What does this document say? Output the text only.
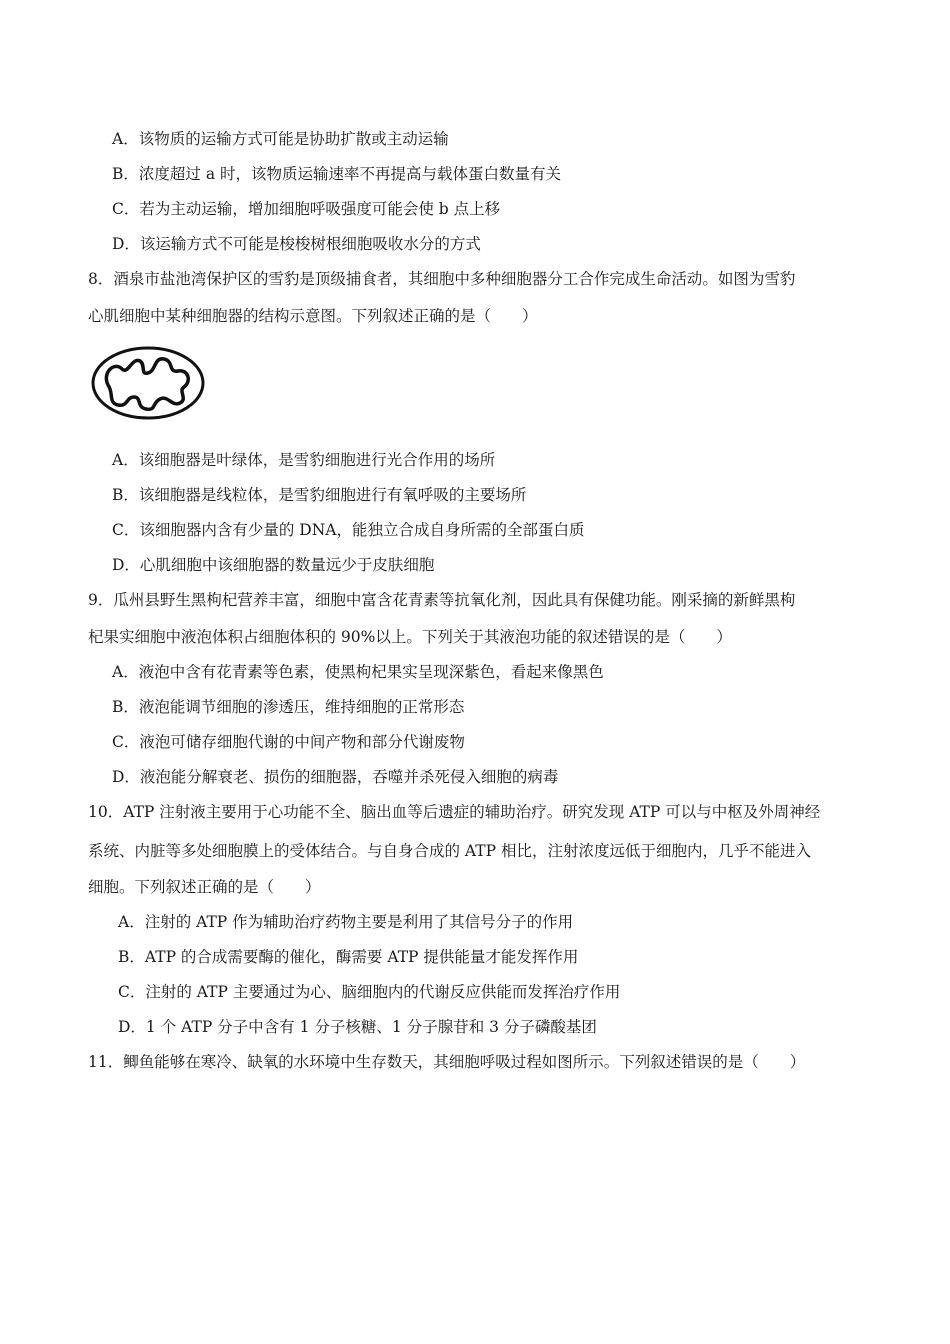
A．该物质的运输方式可能是协助扩散或主动运输
B．浓度超过 a 时，该物质运输速率不再提高与载体蛋白数量有关
C．若为主动运输，增加细胞呼吸强度可能会使 b 点上移
D．该运输方式不可能是梭梭树根细胞吸收水分的方式
8．酒泉市盐池湾保护区的雪豹是顶级捕食者，其细胞中多种细胞器分工合作完成生命活动。如图为雪豹
心肌细胞中某种细胞器的结构示意图。下列叙述正确的是（　　）
A．该细胞器是叶绿体，是雪豹细胞进行光合作用的场所
B．该细胞器是线粒体，是雪豹细胞进行有氧呼吸的主要场所
C．该细胞器内含有少量的 DNA，能独立合成自身所需的全部蛋白质
D．心肌细胞中该细胞器的数量远少于皮肤细胞
9．瓜州县野生黑枸杞营养丰富，细胞中富含花青素等抗氧化剂，因此具有保健功能。刚采摘的新鲜黑枸
杞果实细胞中液泡体积占细胞体积的 90%以上。下列关于其液泡功能的叙述错误的是（　　）
A．液泡中含有花青素等色素，使黑枸杞果实呈现深紫色，看起来像黑色
B．液泡能调节细胞的渗透压，维持细胞的正常形态
C．液泡可储存细胞代谢的中间产物和部分代谢废物
D．液泡能分解衰老、损伤的细胞器，吞噬并杀死侵入细胞的病毒
10．ATP 注射液主要用于心功能不全、脑出血等后遗症的辅助治疗。研究发现 ATP 可以与中枢及外周神经
系统、内脏等多处细胞膜上的受体结合。与自身合成的 ATP 相比，注射浓度远低于细胞内，几乎不能进入
细胞。下列叙述正确的是（　　）
A．注射的 ATP 作为辅助治疗药物主要是利用了其信号分子的作用
B．ATP 的合成需要酶的催化，酶需要 ATP 提供能量才能发挥作用
C．注射的 ATP 主要通过为心、脑细胞内的代谢反应供能而发挥治疗作用
D．1 个 ATP 分子中含有 1 分子核糖、1 分子腺苷和 3 分子磷酸基团
11．鲫鱼能够在寒冷、缺氧的水环境中生存数天，其细胞呼吸过程如图所示。下列叙述错误的是（　　）
